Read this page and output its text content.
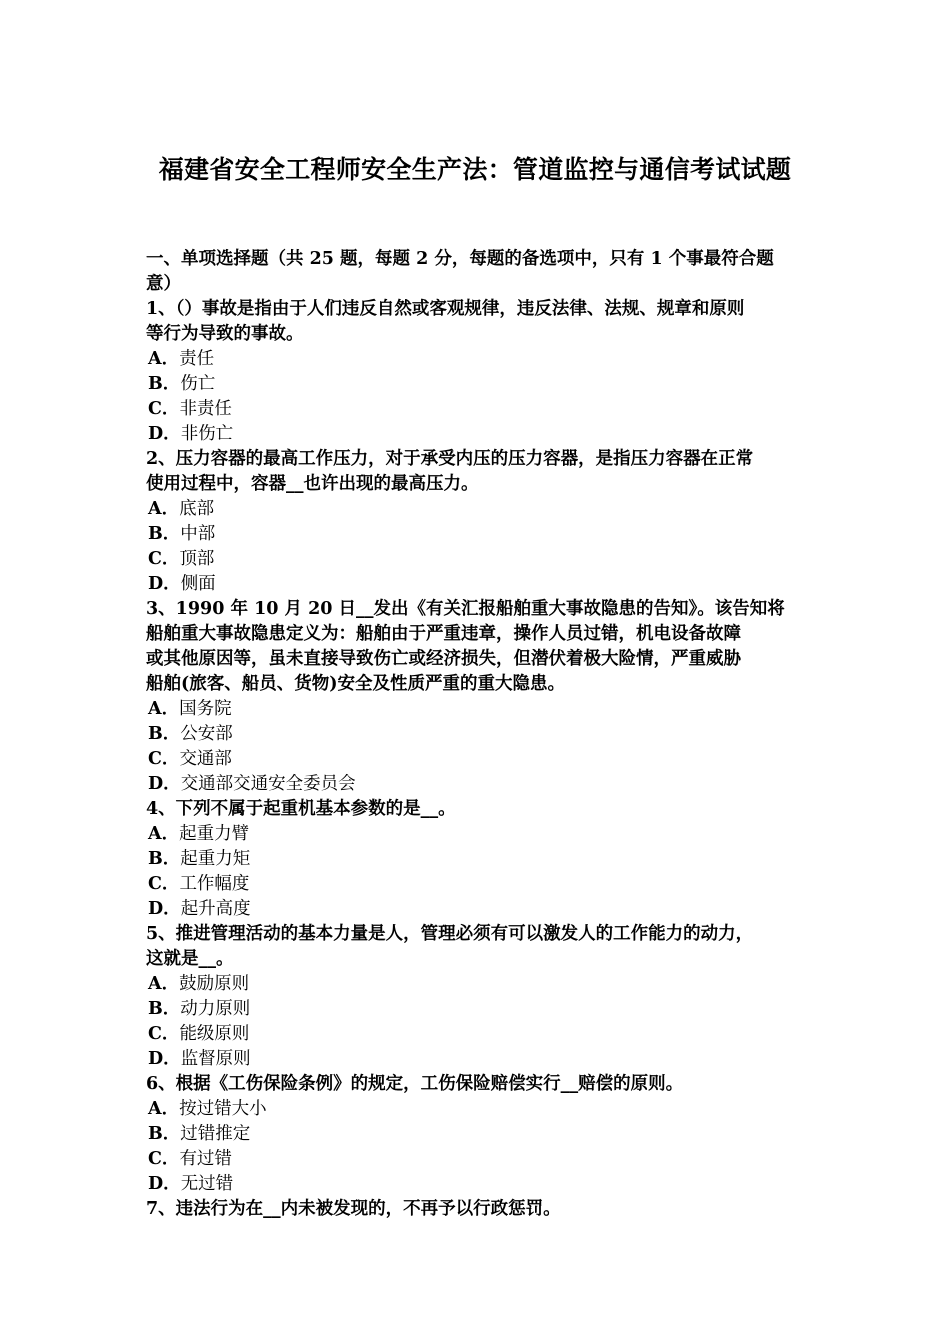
福建省安全工程师安全生产法：管道监控与通信考试试题
一、单项选择题（共 25 题，每题 2 分，每题的备选项中，只有 1 个事最符合题
意）
1、（）事故是指由于人们违反自然或客观规律，违反法律、法规、规章和原则
等行为导致的事故。
A．责任
B．伤亡
C．非责任
D．非伤亡
2、压力容器的最高工作压力，对于承受内压的压力容器，是指压力容器在正常
使用过程中，容器__也许出现的最高压力。
A．底部
B．中部
C．顶部
D．侧面
3、1990 年 10 月 20 日__发出《有关汇报船舶重大事故隐患的告知》。该告知将
船舶重大事故隐患定义为：船舶由于严重违章，操作人员过错，机电设备故障
或其他原因等，虽未直接导致伤亡或经济损失，但潜伏着极大险情，严重威胁
船舶(旅客、船员、货物)安全及性质严重的重大隐患。
A．国务院
B．公安部
C．交通部
D．交通部交通安全委员会
4、下列不属于起重机基本参数的是__。
A．起重力臂
B．起重力矩
C．工作幅度
D．起升高度
5、推进管理活动的基本力量是人，管理必须有可以激发人的工作能力的动力，
这就是__。
A．鼓励原则
B．动力原则
C．能级原则
D．监督原则
6、根据《工伤保险条例》的规定，工伤保险赔偿实行__赔偿的原则。
A．按过错大小
B．过错推定
C．有过错
D．无过错
7、违法行为在__内未被发现的，不再予以行政惩罚。
